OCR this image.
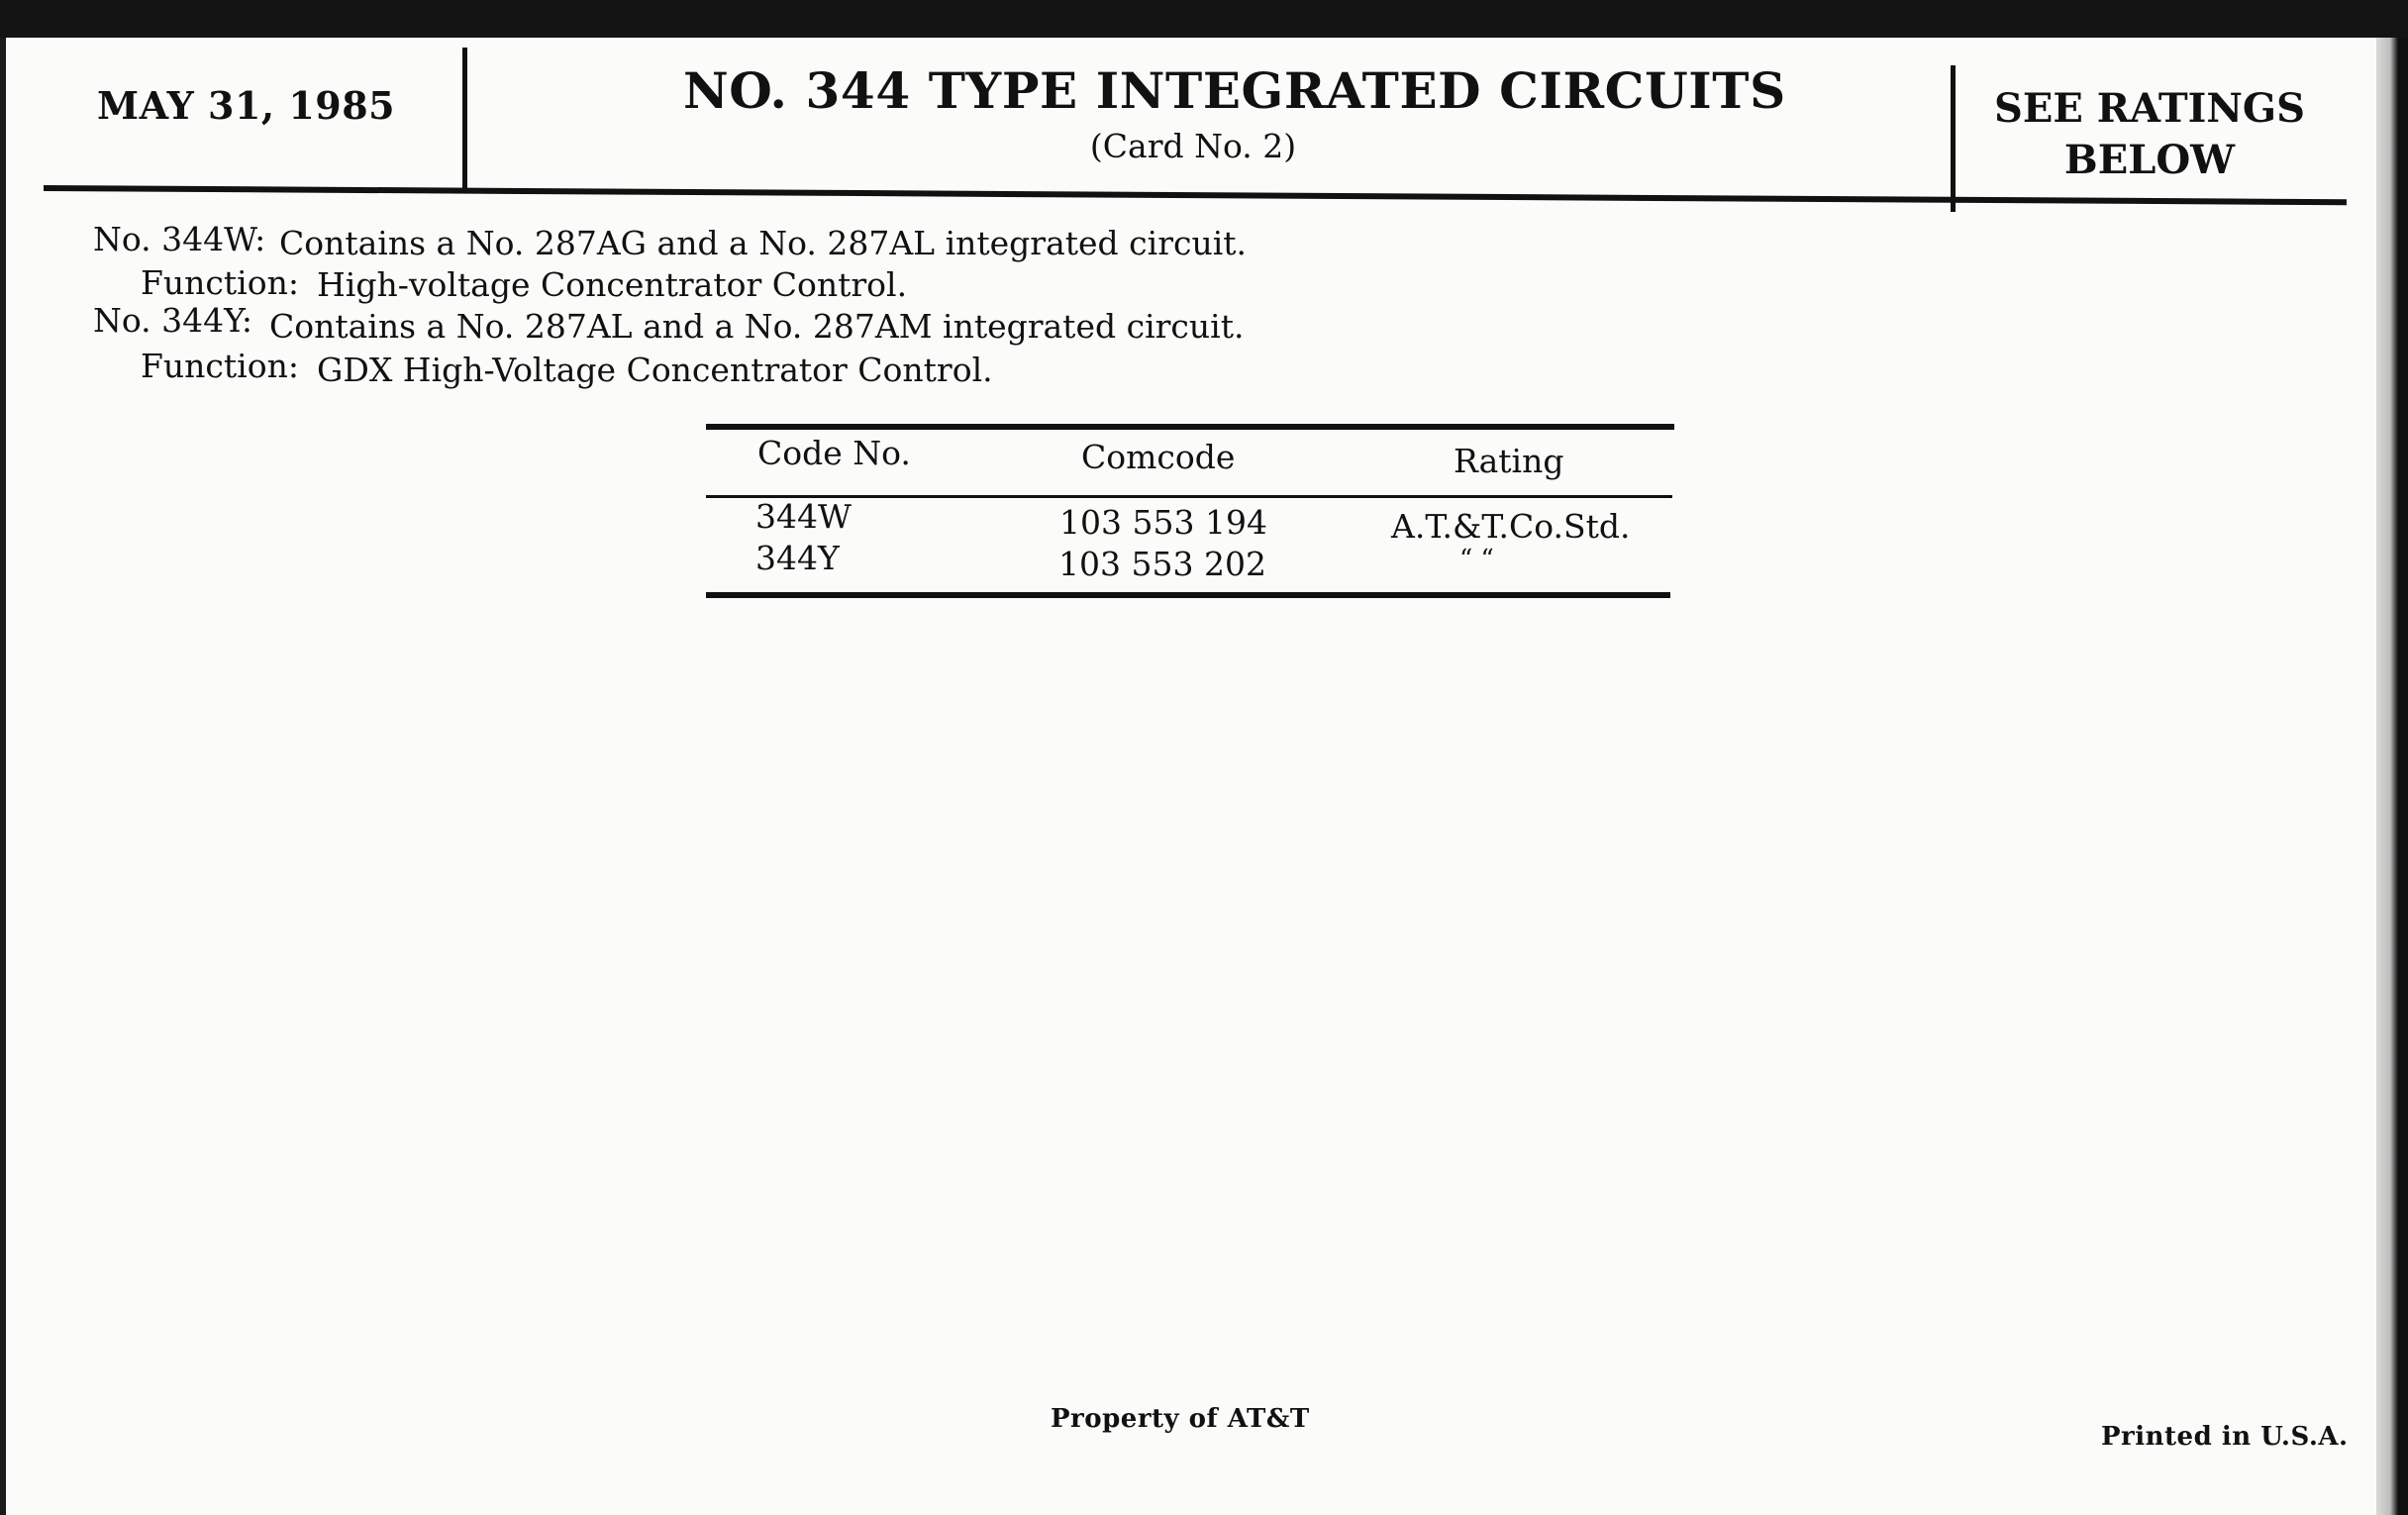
MAY 31, 1985	NO. 344 TYPE INTEGRATED CIRCUITS
(Card No. 2)
SEE RATINGS
BELOW
No. 344W: Contains a No. 287AG and a No. 287AL integrated circuit.
Function: High-voltage Concentrator Control.
No. 344Y: Contains a No. 287AL and a No. 287AM integrated circuit.
Function: GDX High-Voltage Concentrator Control.
Code No.	Comcode	Rating
344W	103 553 194	A.T.&T.Co.Std.
344Y	103 553 202	“ “
Property of AT&T
Printed in U.S.A.
